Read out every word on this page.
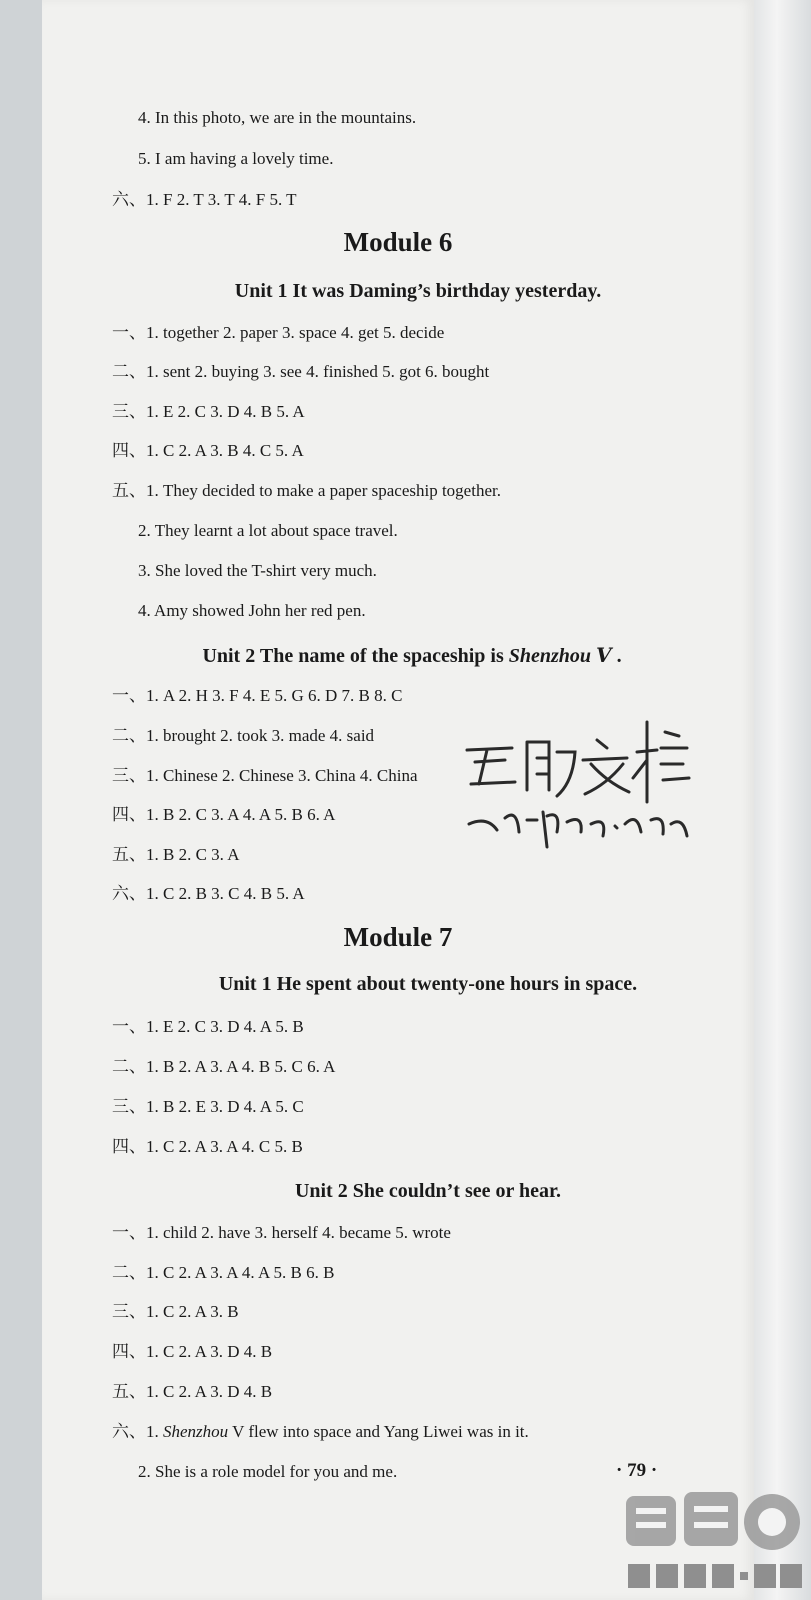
4. In this photo, we are in the mountains.
5. I am having a lovely time.
六、1. F 2. T 3. T 4. F 5. T
Module 6
Unit 1 It was Daming’s birthday yesterday.
一、1. together 2. paper 3. space 4. get 5. decide
二、1. sent 2. buying 3. see 4. finished 5. got 6. bought
三、1. E 2. C 3. D 4. B 5. A
四、1. C 2. A 3. B 4. C 5. A
五、1. They decided to make a paper spaceship together.
2. They learnt a lot about space travel.
3. She loved the T-shirt very much.
4. Amy showed John her red pen.
Unit 2 The name of the spaceship is Shenzhou Ⅴ .
一、1. A 2. H 3. F 4. E 5. G 6. D 7. B 8. C
二、1. brought 2. took 3. made 4. said
三、1. Chinese 2. Chinese 3. China 4. China
四、1. B 2. C 3. A 4. A 5. B 6. A
五、1. B 2. C 3. A
六、1. C 2. B 3. C 4. B 5. A
Module 7
Unit 1 He spent about twenty-one hours in space.
一、1. E 2. C 3. D 4. A 5. B
二、1. B 2. A 3. A 4. B 5. C 6. A
三、1. B 2. E 3. D 4. A 5. C
四、1. C 2. A 3. A 4. C 5. B
Unit 2 She couldn’t see or hear.
一、1. child 2. have 3. herself 4. became 5. wrote
二、1. C 2. A 3. A 4. A 5. B 6. B
三、1. C 2. A 3. B
四、1. C 2. A 3. D 4. B
五、1. C 2. A 3. D 4. B
六、1. Shenzhou V flew into space and Yang Liwei was in it.
2. She is a role model for you and me.	· 79 ·
